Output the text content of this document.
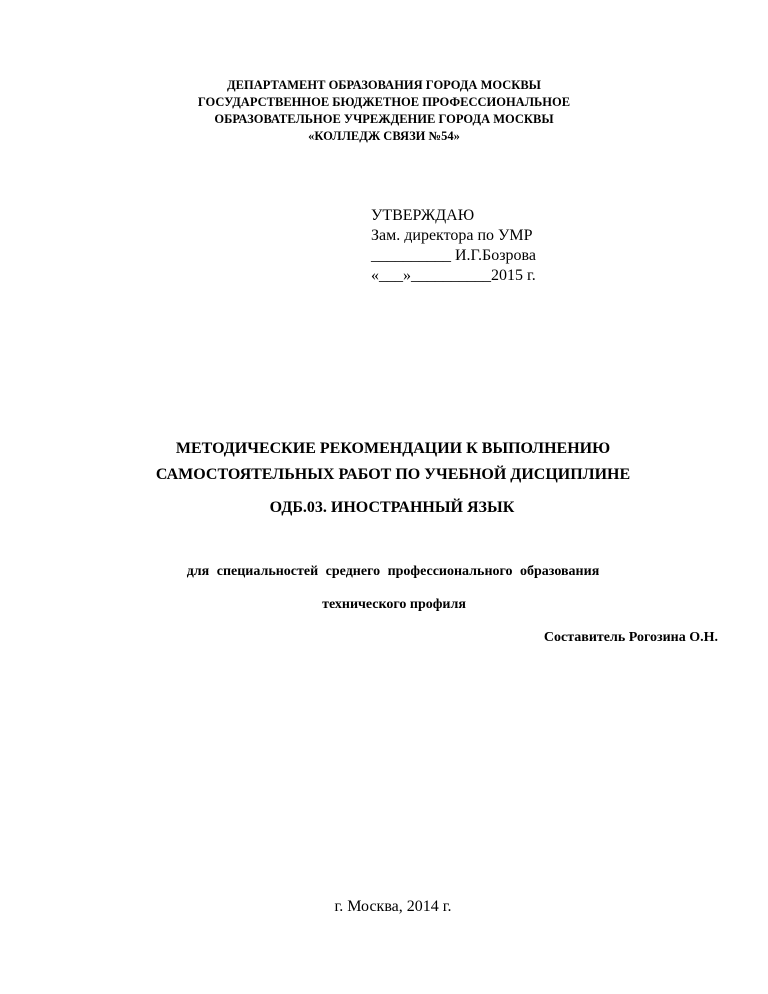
ДЕПАРТАМЕНТ ОБРАЗОВАНИЯ ГОРОДА МОСКВЫ
ГОСУДАРСТВЕННОЕ БЮДЖЕТНОЕ ПРОФЕССИОНАЛЬНОЕ
ОБРАЗОВАТЕЛЬНОЕ УЧРЕЖДЕНИЕ ГОРОДА МОСКВЫ
«КОЛЛЕДЖ СВЯЗИ №54»
УТВЕРЖДАЮ
Зам. директора по УМР
__________ И.Г.Бозрова
«___»__________2015 г.
МЕТОДИЧЕСКИЕ РЕКОМЕНДАЦИИ К ВЫПОЛНЕНИЮ
САМОСТОЯТЕЛЬНЫХ РАБОТ ПО УЧЕБНОЙ ДИСЦИПЛИНЕ
ОДБ.03. ИНОСТРАННЫЙ ЯЗЫК
для специальностей среднего профессионального образования
технического профиля
Составитель Рогозина О.Н.
г. Москва, 2014 г.
